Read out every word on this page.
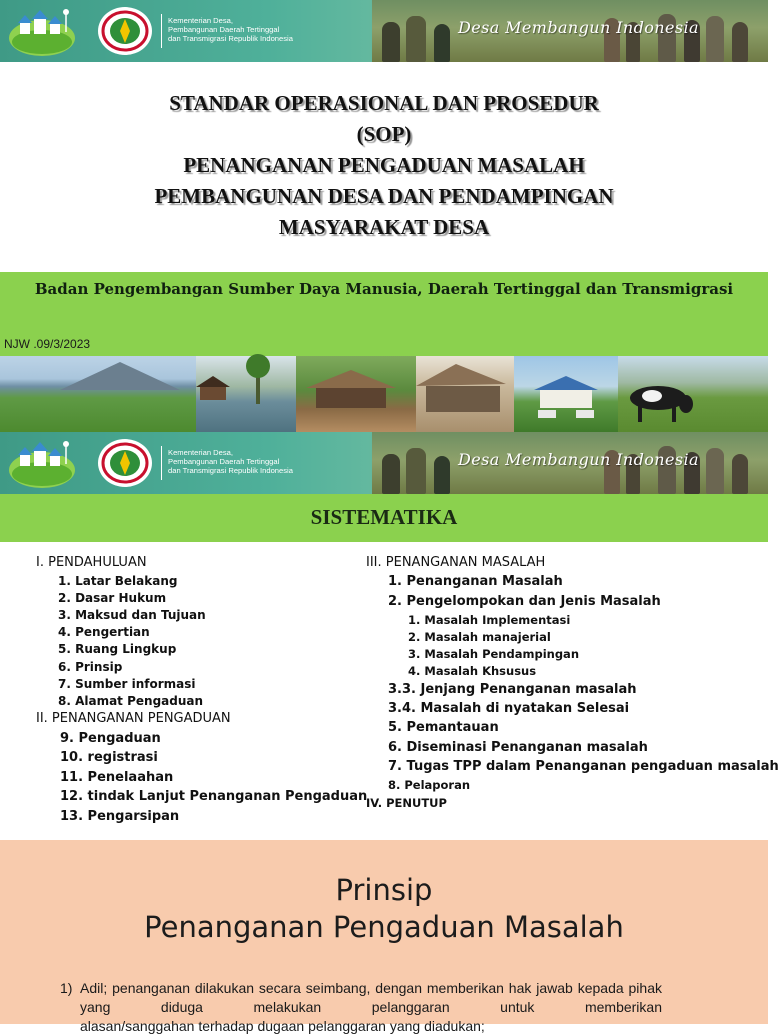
Kementerian Desa,
Pembangunan Daerah Tertinggal
dan Transmigrasi Republik Indonesia
Desa Membangun Indonesia
STANDAR OPERASIONAL DAN PROSEDUR
(SOP)
PENANGANAN PENGADUAN MASALAH
PEMBANGUNAN DESA DAN PENDAMPINGAN
MASYARAKAT DESA
Badan Pengembangan Sumber Daya Manusia, Daerah Tertinggal dan Transmigrasi
NJW .09/3/2023
Kementerian Desa,
Pembangunan Daerah Tertinggal
dan Transmigrasi Republik Indonesia
Desa Membangun Indonesia
SISTEMATIKA
I. PENDAHULUAN
1. Latar Belakang
2. Dasar Hukum
3. Maksud dan Tujuan
4. Pengertian
5. Ruang Lingkup
6. Prinsip
7. Sumber informasi
8. Alamat Pengaduan
II. PENANGANAN PENGADUAN
9. Pengaduan
10. registrasi
11. Penelaahan
12. tindak Lanjut Penanganan Pengaduan
13. Pengarsipan
III. PENANGANAN MASALAH
1. Penanganan Masalah
2. Pengelompokan dan Jenis Masalah
1. Masalah Implementasi
2. Masalah manajerial
3. Masalah Pendampingan
4. Masalah Khsusus
3.3. Jenjang Penanganan masalah
3.4. Masalah di nyatakan Selesai
5. Pemantauan
6. Diseminasi Penanganan masalah
7. Tugas TPP dalam Penanganan pengaduan masalah
8. Pelaporan
IV. PENUTUP
Prinsip
Penanganan Pengaduan Masalah
1) Adil; penanganan dilakukan secara seimbang, dengan memberikan hak jawab kepada pihak yang diduga melakukan pelanggaran untuk memberikan
alasan/sanggahan terhadap dugaan pelanggaran yang diadukan;
